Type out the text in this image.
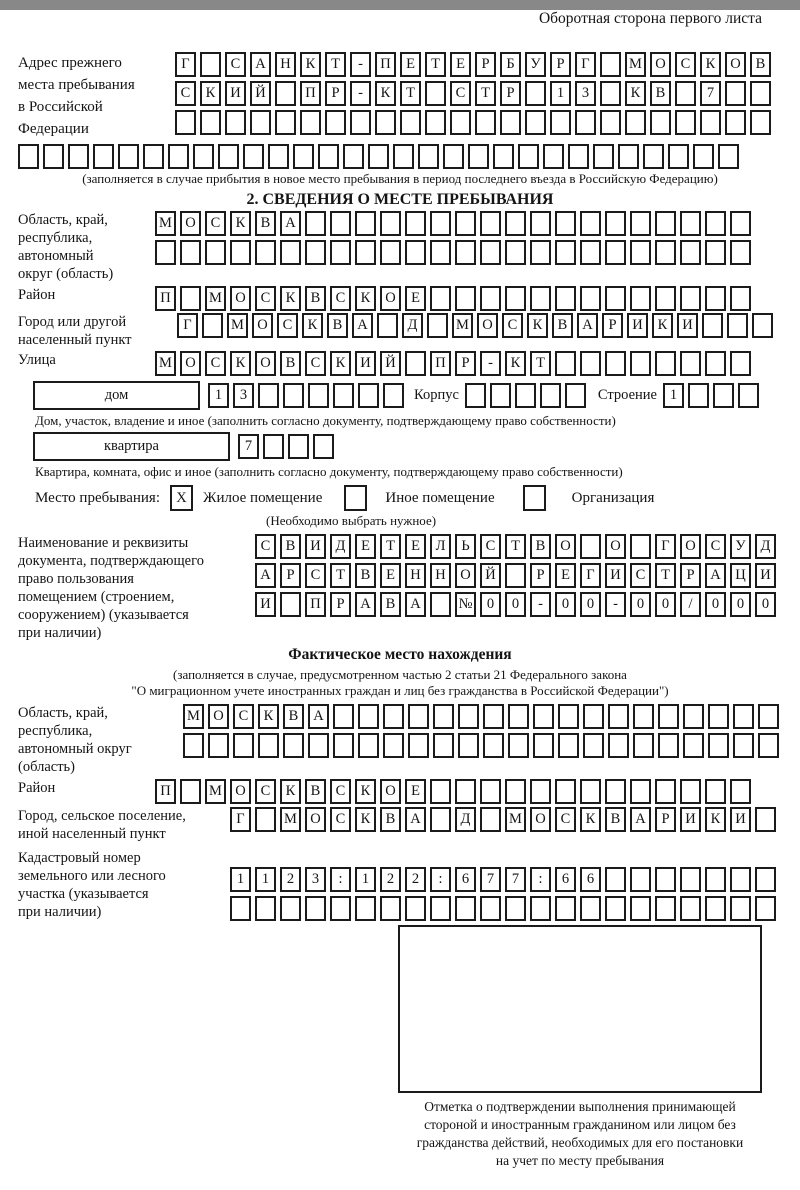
Оборотная сторона первого листа
Адрес прежнего
места пребывания
в Российской
Федерации
Г	С	А	Н	К	Т	-	П	Е	Т	Е	Р	Б	У	Р	Г	М О	С	К	О	В
С	К	И	Й	П	Р	-	К	Т	С	Т	Р	1	3	К	В	7
(заполняется в случае прибытия в новое место пребывания в период последнего въезда в Российскую Федерацию)
2. СВЕДЕНИЯ О МЕСТЕ ПРЕБЫВАНИЯ
Область, край,
республика,
автономный
округ (область)
М О	С	К	В	А
Район	П	М О	С	К	В	С	К	О	Е
Город или другой
населенный пункт
Г	М О	С	К	В	А	Д	М О	С	К	В	А	Р	И	К	И
Улица	М О	С	К	О	В	С	К	И	Й	П	Р	-	К	Т
дом	1	3	Корпус	Строение 1
Дом, участок, владение и иное (заполнить согласно документу, подтверждающему право собственности)
квартира	7
Квартира, комната, офис и иное (заполнить согласно документу, подтверждающему право собственности)
Место пребывания:	X	Жилое помещение	Иное помещение	Организация
(Необходимо выбрать нужное)
Наименование и реквизиты
документа, подтверждающего
право пользования
помещением (строением,
сооружением) (указывается
при наличии)
С	В	И	Д	Е	Т	Е	Л	Ь	С	Т	В	О	О	Г	О	С	У	Д
А	Р	С	Т	В	Е	Н	Н	О	Й	Р	Е	Г	И	С	Т	Р	А	Ц	И
И	П	Р	А	В	А	№ 0	0	-	0	0	-	0	0	/	0	0	0
Фактическое место нахождения
(заполняется в случае, предусмотренном частью 2 статьи 21 Федерального закона
"О миграционном учете иностранных граждан и лиц без гражданства в Российской Федерации")
Область, край,
республика,
автономный округ
(область)
М О	С	К	В	А
Район	П	М О	С	К	В	С	К	О	Е
Город, сельское поселение,
иной населенный пункт
Г	М О	С	К	В	А	Д	М О	С	К	В	А	Р	И	К	И
Кадастровый номер
земельного или лесного
участка (указывается
при наличии)
1	1	2	3	:	1	2	2	:	6	7	7	:	6	6
Отметка о подтверждении выполнения принимающей
стороной и иностранным гражданином или лицом без
гражданства действий, необходимых для его постановки
на учет по месту пребывания
